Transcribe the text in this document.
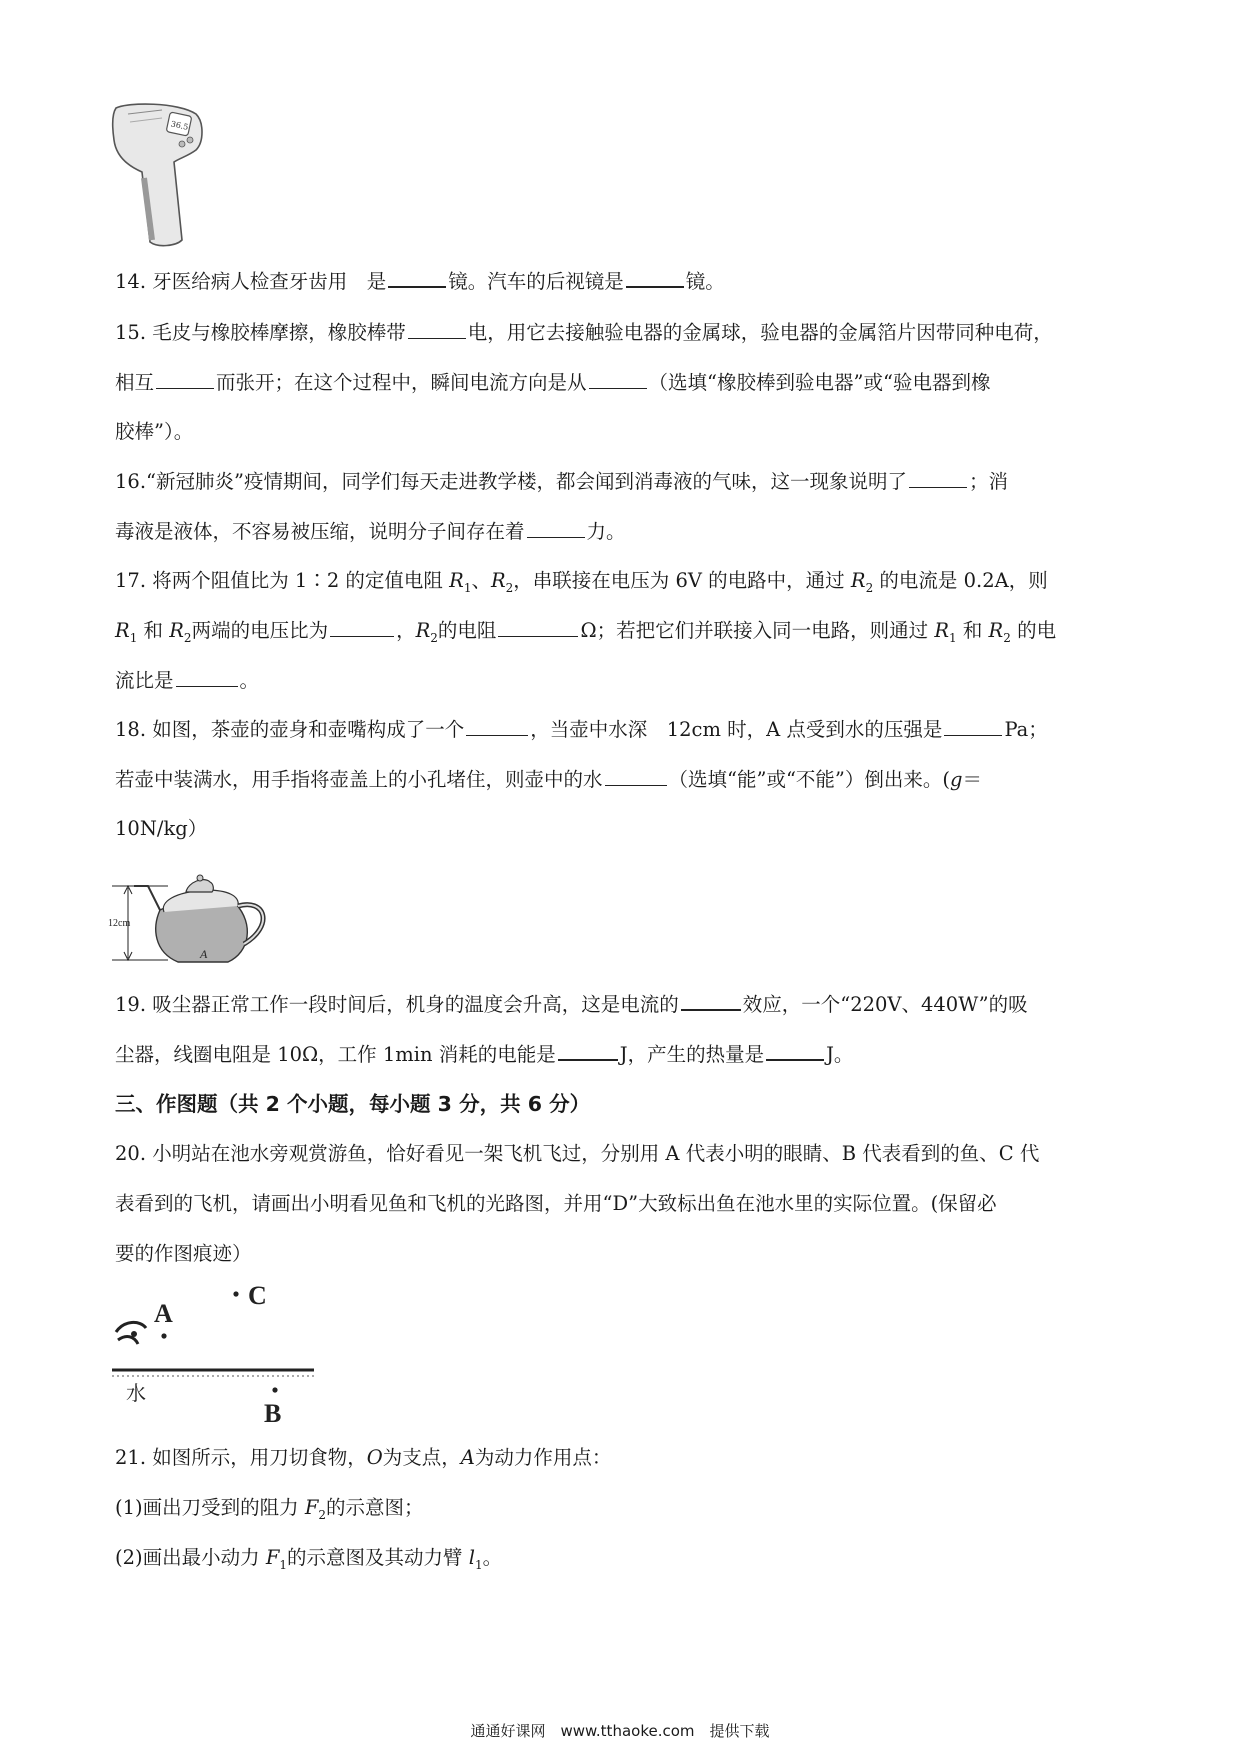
36.5
14. 牙医给病人检查牙齿用　是	镜。汽车的后视镜是	镜。
15. 毛皮与橡胶棒摩擦，橡胶棒带	电，用它去接触验电器的金属球，验电器的金属箔片因带同种电荷，
相互	而张开；在这个过程中，瞬间电流方向是从	（选填“橡胶棒到验电器”或“验电器到橡
胶棒”）。
16.“新冠肺炎”疫情期间，同学们每天走进教学楼，都会闻到消毒液的气味，这一现象说明了	；消
毒液是液体，不容易被压缩，说明分子间存在着	力。
17. 将两个阻值比为 1∶2 的定值电阻 $R_1$、$R_2$，串联接在电压为 6V 的电路中，通过 $R_2$ 的电流是 0.2A，则
$R_1$ 和 $R_2$两端的电压比为	，$R_2$的电阻	Ω；若把它们并联接入同一电路，则通过 $R_1$ 和 $R_2$ 的电
流比是	。
18. 如图，茶壶的壶身和壶嘴构成了一个	，当壶中水深　12cm 时，A 点受到水的压强是	Pa；
若壶中装满水，用手指将壶盖上的小孔堵住，则壶中的水	（选填“能”或“不能”）倒出来。(g＝
10N/kg）
12cm
A
19. 吸尘器正常工作一段时间后，机身的温度会升高，这是电流的	效应，一个“220V、440W”的吸
尘器，线圈电阻是 10Ω，工作 1min 消耗的电能是	J，产生的热量是	J。
三、作图题（共 2 个小题，每小题 3 分，共 6 分）
20. 小明站在池水旁观赏游鱼，恰好看见一架飞机飞过，分别用 A 代表小明的眼睛、B 代表看到的鱼、C 代
表看到的飞机，请画出小明看见鱼和飞机的光路图，并用“D”大致标出鱼在池水里的实际位置。(保留必
要的作图痕迹）
A
C
水
B
21. 如图所示，用刀切食物，O为支点，A为动力作用点：
(1)画出刀受到的阻力 $F_2$的示意图；
(2)画出最小动力 $F_1$的示意图及其动力臂 $l_1$。
通通好课网　www.tthaoke.com　提供下载
